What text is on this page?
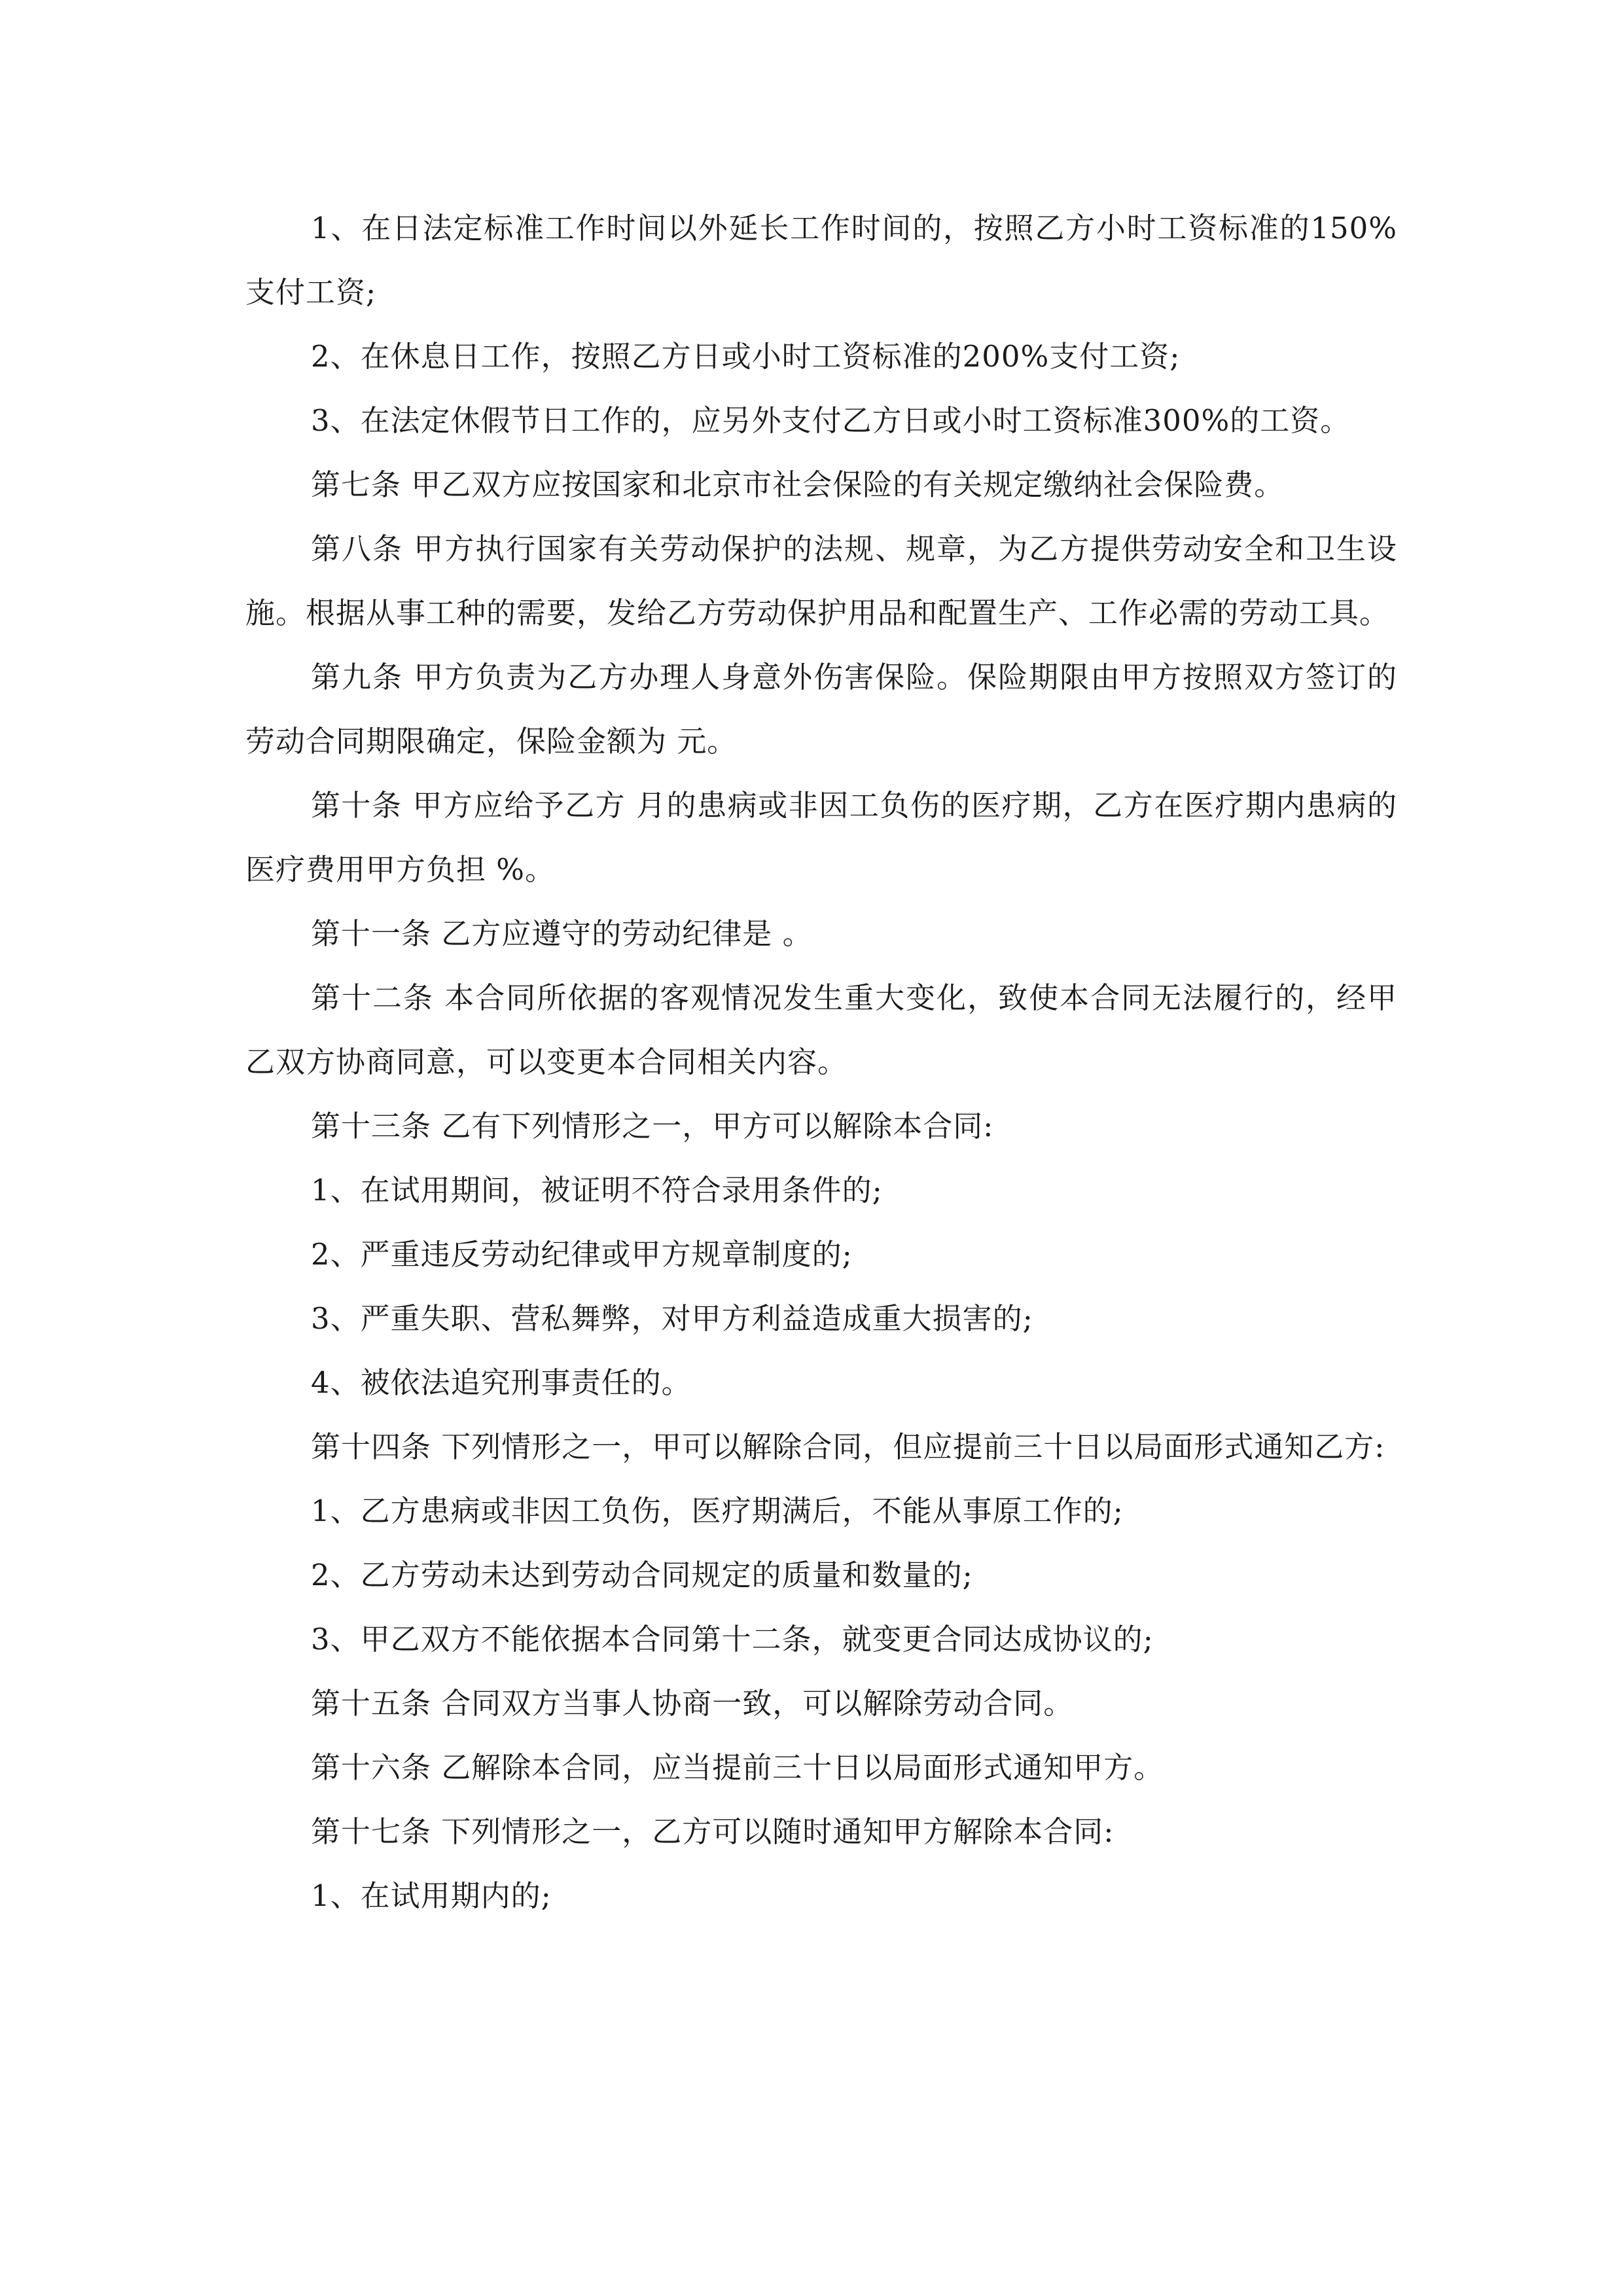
1、在日法定标准工作时间以外延长工作时间的，按照乙方小时工资标准的150%支付工资;

2、在休息日工作，按照乙方日或小时工资标准的200%支付工资;

3、在法定休假节日工作的，应另外支付乙方日或小时工资标准300%的工资。

第七条 甲乙双方应按国家和北京市社会保险的有关规定缴纳社会保险费。

第八条 甲方执行国家有关劳动保护的法规、规章，为乙方提供劳动安全和卫生设施。根据从事工种的需要，发给乙方劳动保护用品和配置生产、工作必需的劳动工具。

第九条 甲方负责为乙方办理人身意外伤害保险。保险期限由甲方按照双方签订的劳动合同期限确定，保险金额为 元。

第十条 甲方应给予乙方 月的患病或非因工负伤的医疗期，乙方在医疗期内患病的医疗费用甲方负担 %。

第十一条 乙方应遵守的劳动纪律是 。

第十二条 本合同所依据的客观情况发生重大变化，致使本合同无法履行的，经甲乙双方协商同意，可以变更本合同相关内容。

第十三条 乙有下列情形之一，甲方可以解除本合同:

1、在试用期间，被证明不符合录用条件的;

2、严重违反劳动纪律或甲方规章制度的;

3、严重失职、营私舞弊，对甲方利益造成重大损害的;

4、被依法追究刑事责任的。

第十四条 下列情形之一，甲可以解除合同，但应提前三十日以局面形式通知乙方:

1、乙方患病或非因工负伤，医疗期满后，不能从事原工作的;

2、乙方劳动未达到劳动合同规定的质量和数量的;

3、甲乙双方不能依据本合同第十二条，就变更合同达成协议的;

第十五条 合同双方当事人协商一致，可以解除劳动合同。

第十六条 乙解除本合同，应当提前三十日以局面形式通知甲方。

第十七条 下列情形之一，乙方可以随时通知甲方解除本合同:

1、在试用期内的;
